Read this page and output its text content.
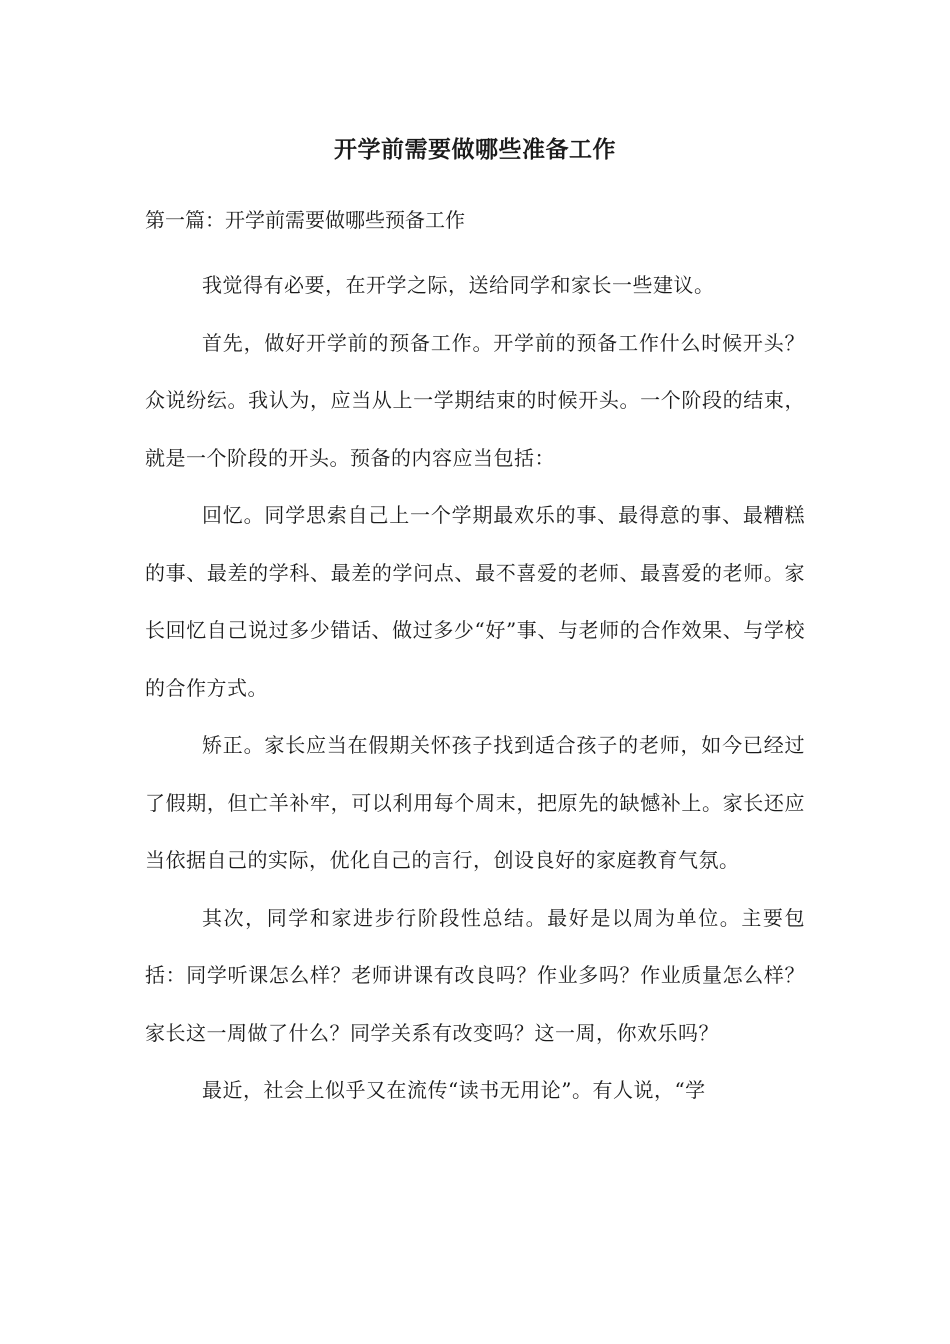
开学前需要做哪些准备工作
第一篇：开学前需要做哪些预备工作

我觉得有必要，在开学之际，送给同学和家长一些建议。

首先，做好开学前的预备工作。开学前的预备工作什么时候开头？众说纷纭。我认为，应当从上一学期结束的时候开头。一个阶段的结束，就是一个阶段的开头。预备的内容应当包括：

回忆。同学思索自己上一个学期最欢乐的事、最得意的事、最糟糕的事、最差的学科、最差的学问点、最不喜爱的老师、最喜爱的老师。家长回忆自己说过多少错话、做过多少“好”事、与老师的合作效果、与学校的合作方式。

矫正。家长应当在假期关怀孩子找到适合孩子的老师，如今已经过了假期，但亡羊补牢，可以利用每个周末，把原先的缺憾补上。家长还应当依据自己的实际，优化自己的言行，创设良好的家庭教育气氛。

其次，同学和家进步行阶段性总结。最好是以周为单位。主要包括：同学听课怎么样？老师讲课有改良吗？作业多吗？作业质量怎么样？家长这一周做了什么？同学关系有改变吗？这一周，你欢乐吗？

最近，社会上似乎又在流传“读书无用论”。有人说，“学
